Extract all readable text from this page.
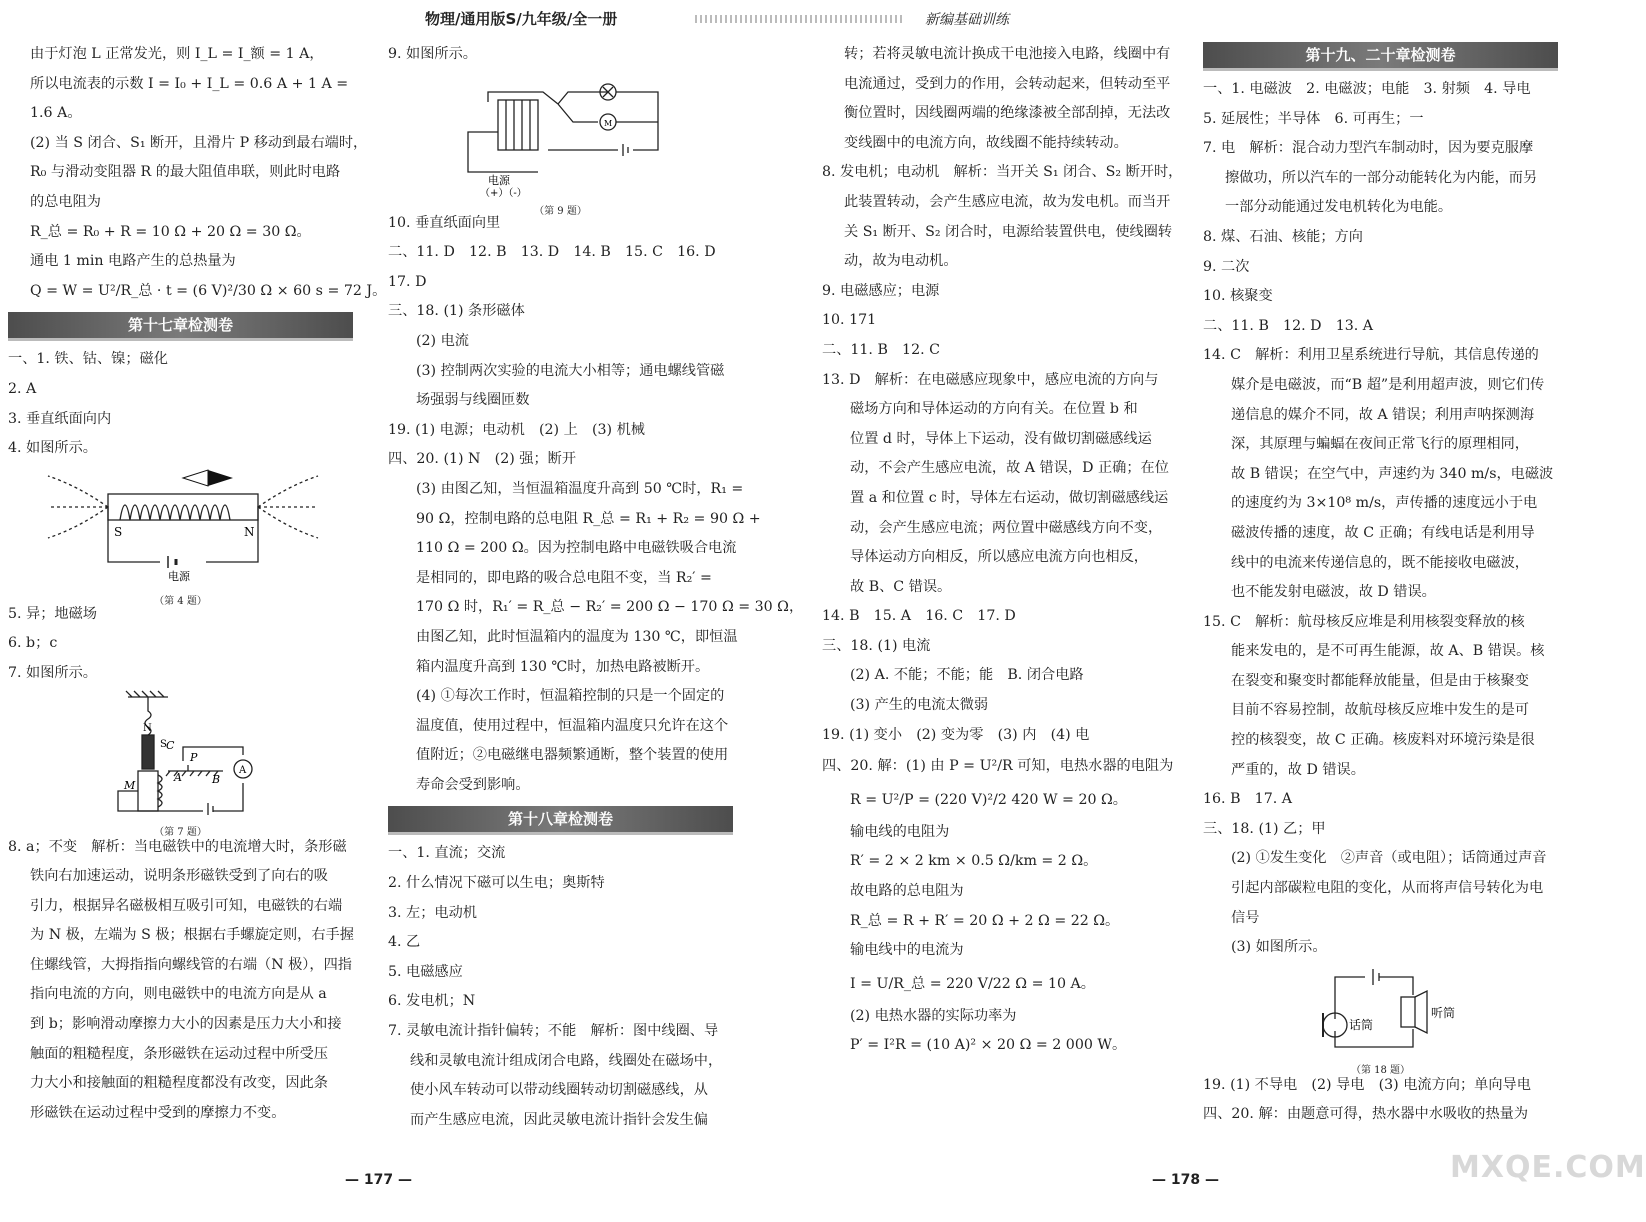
物理/通用版S/九年级/全一册	新编基础训练

由于灯泡 L 正常发光，则 I_L = I_额 = 1 A，

所以电流表的示数 I = I₀ + I_L = 0.6 A + 1 A =

1.6 A。

(2) 当 S 闭合、S₁ 断开，且滑片 P 移动到最右端时，

R₀ 与滑动变阻器 R 的最大阻值串联，则此时电路

的总电阻为

R_总 = R₀ + R = 10 Ω + 20 Ω = 30 Ω。

通电 1 min 电路产生的总热量为

Q = W = U²/R_总 · t = (6 V)²/30 Ω × 60 s = 72 J。

第十七章检测卷

一、1. 铁、钴、镍；磁化

2. A

3. 垂直纸面向内

4. 如图所示。

S	N
电源
（第 4 题）

5. 异；地磁场

6. b；c

7. 如图所示。

A
C
P
A	B
M
N
S
（第 7 题）

8. a；不变　解析：当电磁铁中的电流增大时，条形磁

铁向右加速运动，说明条形磁铁受到了向右的吸

引力，根据异名磁极相互吸引可知，电磁铁的右端

为 N 极，左端为 S 极；根据右手螺旋定则，右手握

住螺线管，大拇指指向螺线管的右端（N 极），四指

指向电流的方向，则电磁铁中的电流方向是从 a

到 b；影响滑动摩擦力大小的因素是压力大小和接

触面的粗糙程度，条形磁铁在运动过程中所受压

力大小和接触面的粗糙程度都没有改变，因此条

形磁铁在运动过程中受到的摩擦力不变。

9. 如图所示。

M
电源
（+）（-）
（第 9 题）

10. 垂直纸面向里

二、11. D　12. B　13. D　14. B　15. C　16. D

17. D

三、18. (1) 条形磁体

(2) 电流

(3) 控制两次实验的电流大小相等；通电螺线管磁

场强弱与线圈匝数

19. (1) 电源；电动机　(2) 上　(3) 机械

四、20. (1) N　(2) 强；断开

(3) 由图乙知，当恒温箱温度升高到 50 ℃时，R₁ =

90 Ω，控制电路的总电阻 R_总 = R₁ + R₂ = 90 Ω +

110 Ω = 200 Ω。因为控制电路中电磁铁吸合电流

是相同的，即电路的吸合总电阻不变，当 R₂′ =

170 Ω 时，R₁′ = R_总 − R₂′ = 200 Ω − 170 Ω = 30 Ω，

由图乙知，此时恒温箱内的温度为 130 ℃，即恒温

箱内温度升高到 130 ℃时，加热电路被断开。

(4) ①每次工作时，恒温箱控制的只是一个固定的

温度值，使用过程中，恒温箱内温度只允许在这个

值附近；②电磁继电器频繁通断，整个装置的使用

寿命会受到影响。

第十八章检测卷

一、1. 直流；交流

2. 什么情况下磁可以生电；奥斯特

3. 左；电动机

4. 乙

5. 电磁感应

6. 发电机；N

7. 灵敏电流计指针偏转；不能　解析：图中线圈、导

线和灵敏电流计组成闭合电路，线圈处在磁场中，

使小风车转动可以带动线圈转动切割磁感线，从

而产生感应电流，因此灵敏电流计指针会发生偏

— 177 —

转；若将灵敏电流计换成干电池接入电路，线圈中有

电流通过，受到力的作用，会转动起来，但转动至平

衡位置时，因线圈两端的绝缘漆被全部刮掉，无法改

变线圈中的电流方向，故线圈不能持续转动。

8. 发电机；电动机　解析：当开关 S₁ 闭合、S₂ 断开时，

此装置转动，会产生感应电流，故为发电机。而当开

关 S₁ 断开、S₂ 闭合时，电源给装置供电，使线圈转

动，故为电动机。

9. 电磁感应；电源

10. 171

二、11. B　12. C

13. D　解析：在电磁感应现象中，感应电流的方向与

磁场方向和导体运动的方向有关。在位置 b 和

位置 d 时，导体上下运动，没有做切割磁感线运

动，不会产生感应电流，故 A 错误，D 正确；在位

置 a 和位置 c 时，导体左右运动，做切割磁感线运

动，会产生感应电流；两位置中磁感线方向不变，

导体运动方向相反，所以感应电流方向也相反，

故 B、C 错误。

14. B　15. A　16. C　17. D

三、18. (1) 电流

(2) A. 不能；不能；能　B. 闭合电路

(3) 产生的电流太微弱

19. (1) 变小　(2) 变为零　(3) 内　(4) 电

四、20. 解：(1) 由 P = U²/R 可知，电热水器的电阻为

R = U²/P = (220 V)²/2 420 W = 20 Ω。

输电线的电阻为

R′ = 2 × 2 km × 0.5 Ω/km = 2 Ω。

故电路的总电阻为

R_总 = R + R′ = 20 Ω + 2 Ω = 22 Ω。

输电线中的电流为

I = U/R_总 = 220 V/22 Ω = 10 A。

(2) 电热水器的实际功率为

P′ = I²R = (10 A)² × 20 Ω = 2 000 W。

— 178 —
第十九、二十章检测卷

一、1. 电磁波　2. 电磁波；电能　3. 射频　4. 导电

5. 延展性；半导体　6. 可再生；一

7. 电　解析：混合动力型汽车制动时，因为要克服摩

擦做功，所以汽车的一部分动能转化为内能，而另

一部分动能通过发电机转化为电能。

8. 煤、石油、核能；方向

9. 二次

10. 核聚变

二、11. B　12. D　13. A

14. C　解析：利用卫星系统进行导航，其信息传递的

媒介是电磁波，而“B 超”是利用超声波，则它们传

递信息的媒介不同，故 A 错误；利用声呐探测海

深，其原理与蝙蝠在夜间正常飞行的原理相同，

故 B 错误；在空气中，声速约为 340 m/s，电磁波

的速度约为 3×10⁸ m/s，声传播的速度远小于电

磁波传播的速度，故 C 正确；有线电话是利用导

线中的电流来传递信息的，既不能接收电磁波，

也不能发射电磁波，故 D 错误。

15. C　解析：航母核反应堆是利用核裂变释放的核

能来发电的，是不可再生能源，故 A、B 错误。核

在裂变和聚变时都能释放能量，但是由于核聚变

目前不容易控制，故航母核反应堆中发生的是可

控的核裂变，故 C 正确。核废料对环境污染是很

严重的，故 D 错误。

16. B　17. A

三、18. (1) 乙；甲

(2) ①发生变化　②声音（或电阻）；话筒通过声音

引起内部碳粒电阻的变化，从而将声信号转化为电

信号

(3) 如图所示。

话筒
听筒
（第 18 题）

19. (1) 不导电　(2) 导电　(3) 电流方向；单向导电

四、20. 解：由题意可得，热水器中水吸收的热量为

MXQE.COM
